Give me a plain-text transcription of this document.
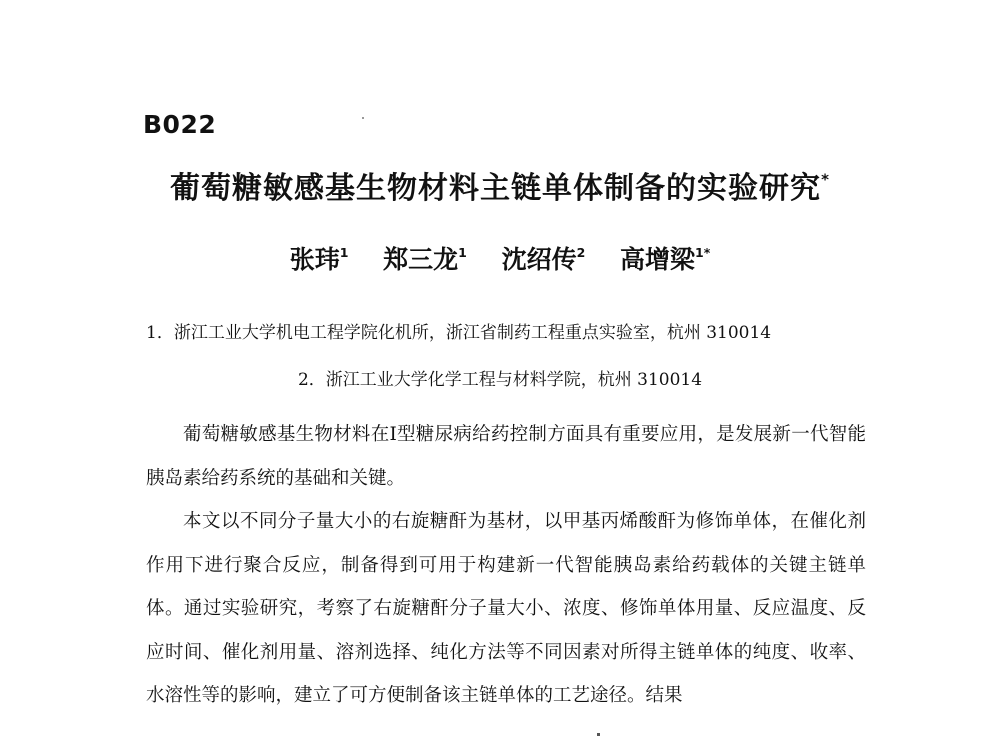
B022
葡萄糖敏感基生物材料主链单体制备的实验研究*
张玮$^1$ 郑三龙$^1$ 沈绍传$^2$ 高增梁$^{1*}$
1．浙江工业大学机电工程学院化机所，浙江省制药工程重点实验室，杭州 310014
2．浙江工业大学化学工程与材料学院，杭州 310014

葡萄糖敏感基生物材料在Ⅰ型糖尿病给药控制方面具有重要应用，是发展新一代智能胰岛素给药系统的基础和关键。

本文以不同分子量大小的右旋糖酐为基材，以甲基丙烯酸酐为修饰单体，在催化剂作用下进行聚合反应，制备得到可用于构建新一代智能胰岛素给药载体的关键主链单体。通过实验研究，考察了右旋糖酐分子量大小、浓度、修饰单体用量、反应温度、反应时间、催化剂用量、溶剂选择、纯化方法等不同因素对所得主链单体的纯度、收率、水溶性等的影响，建立了可方便制备该主链单体的工艺途径。结果
